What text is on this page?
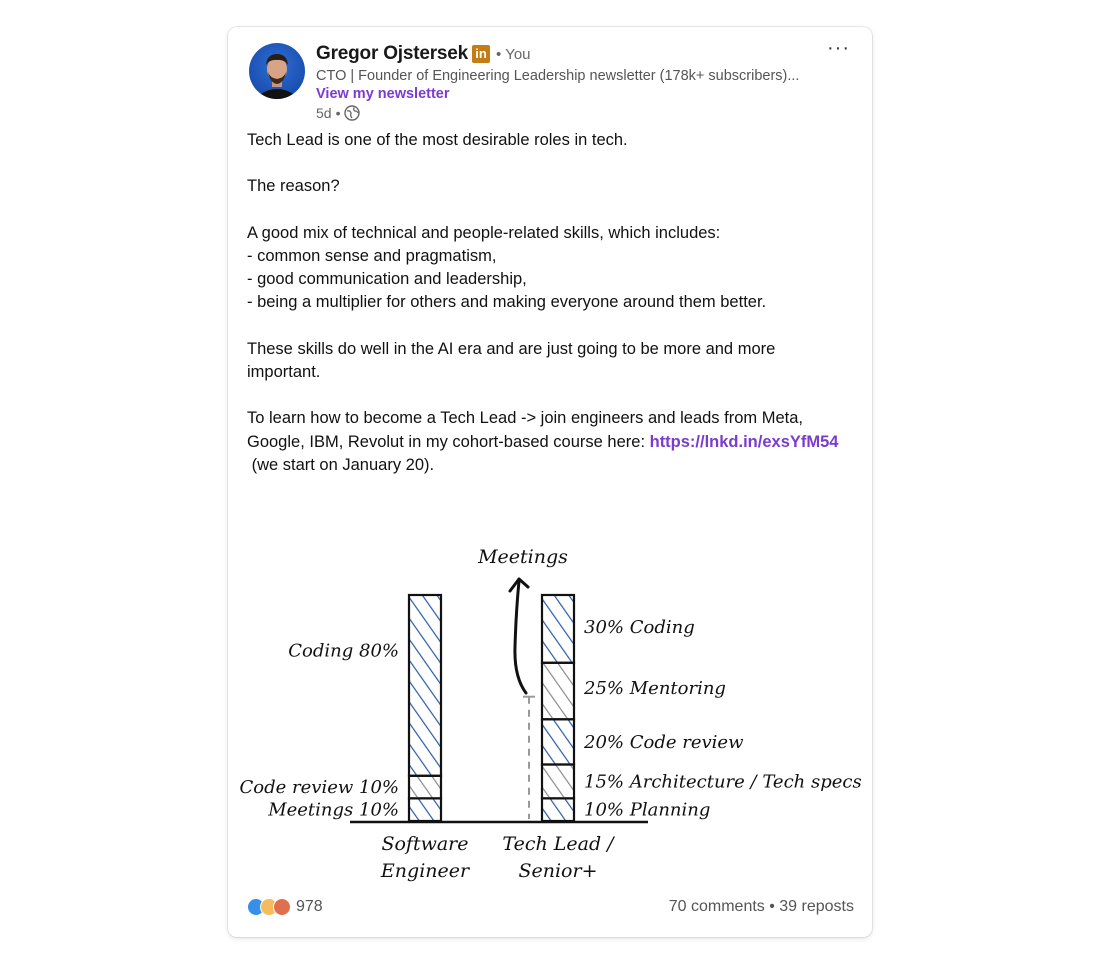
Gregor Ojstersek in • You
CTO | Founder of Engineering Leadership newsletter (178k+ subscribers)...
View my newsletter
5d •
···

Tech Lead is one of the most desirable roles in tech.

The reason?

A good mix of technical and people-related skills, which includes:

- common sense and pragmatism,

- good communication and leadership,

- being a multiplier for others and making everyone around them better.

These skills do well in the AI era and are just going to be more and more

important.

To learn how to become a Tech Lead -> join engineers and leads from Meta,

Google, IBM, Revolut in my cohort-based course here: https://lnkd.in/exsYfM54

(we start on January 20).

Meetings 10%
Code review 10%
Coding 80%
10% Planning
15% Architecture / Tech specs
20% Code review
25% Mentoring
30% Coding
Meetings
Software
Engineer
Tech Lead /
Senior+
978	70 comments • 39 reposts
